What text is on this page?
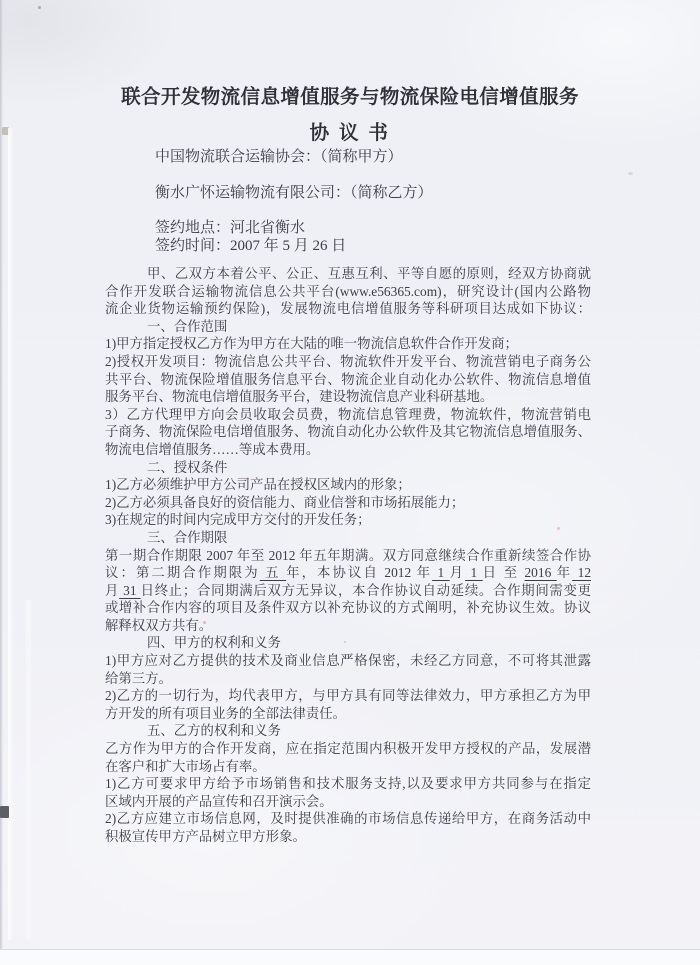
联合开发物流信息增值服务与物流保险电信增值服务
协 议 书
中国物流联合运输协会：（简称甲方）
衡水广怀运输物流有限公司：（简称乙方）
签约地点：河北省衡水
签约时间：2007 年 5 月 26 日
甲、乙双方本着公平、公正、互惠互利、平等自愿的原则，经双方协商就
合作开发联合运输物流信息公共平台(www.e56365.com)，研究设计(国内公路物
流企业货物运输预约保险)，发展物流电信增值服务等科研项目达成如下协议：
一、合作范围
1)甲方指定授权乙方作为甲方在大陆的唯一物流信息软件合作开发商；
2)授权开发项目：物流信息公共平台、物流软件开发平台、物流营销电子商务公
共平台、物流保险增值服务信息平台、物流企业自动化办公软件、物流信息增值
服务平台、物流电信增值服务平台，建设物流信息产业科研基地。
3）乙方代理甲方向会员收取会员费，物流信息管理费，物流软件，物流营销电
子商务、物流保险电信增值服务、物流自动化办公软件及其它物流信息增值服务、
物流电信增值服务……等成本费用。
二、授权条件
1)乙方必须维护甲方公司产品在授权区域内的形象；
2)乙方必须具备良好的资信能力、商业信誉和市场拓展能力；
3)在规定的时间内完成甲方交付的开发任务；
三、合作期限
第一期合作期限 2007 年至 2012 年五年期满。双方同意继续合作重新续签合作协
议：第二期合作期限为 五 年，本协议自 2012 年 1 月 1 日 至 2016 年 12
月 31 日终止；合同期满后双方无异议，本合作协议自动延续。合作期间需变更
或增补合作内容的项目及条件双方以补充协议的方式阐明，补充协议生效。协议
解释权双方共有。
四、甲方的权利和义务
1)甲方应对乙方提供的技术及商业信息严格保密，未经乙方同意，不可将其泄露
给第三方。
2)乙方的一切行为，均代表甲方，与甲方具有同等法律效力，甲方承担乙方为甲
方开发的所有项目业务的全部法律责任。
五、乙方的权利和义务
乙方作为甲方的合作开发商，应在指定范围内积极开发甲方授权的产品，发展潜
在客户和扩大市场占有率。
1)乙方可要求甲方给予市场销售和技术服务支持,以及要求甲方共同参与在指定
区域内开展的产品宣传和召开演示会。
2)乙方应建立市场信息网，及时提供准确的市场信息传递给甲方，在商务活动中
积极宣传甲方产品树立甲方形象。
